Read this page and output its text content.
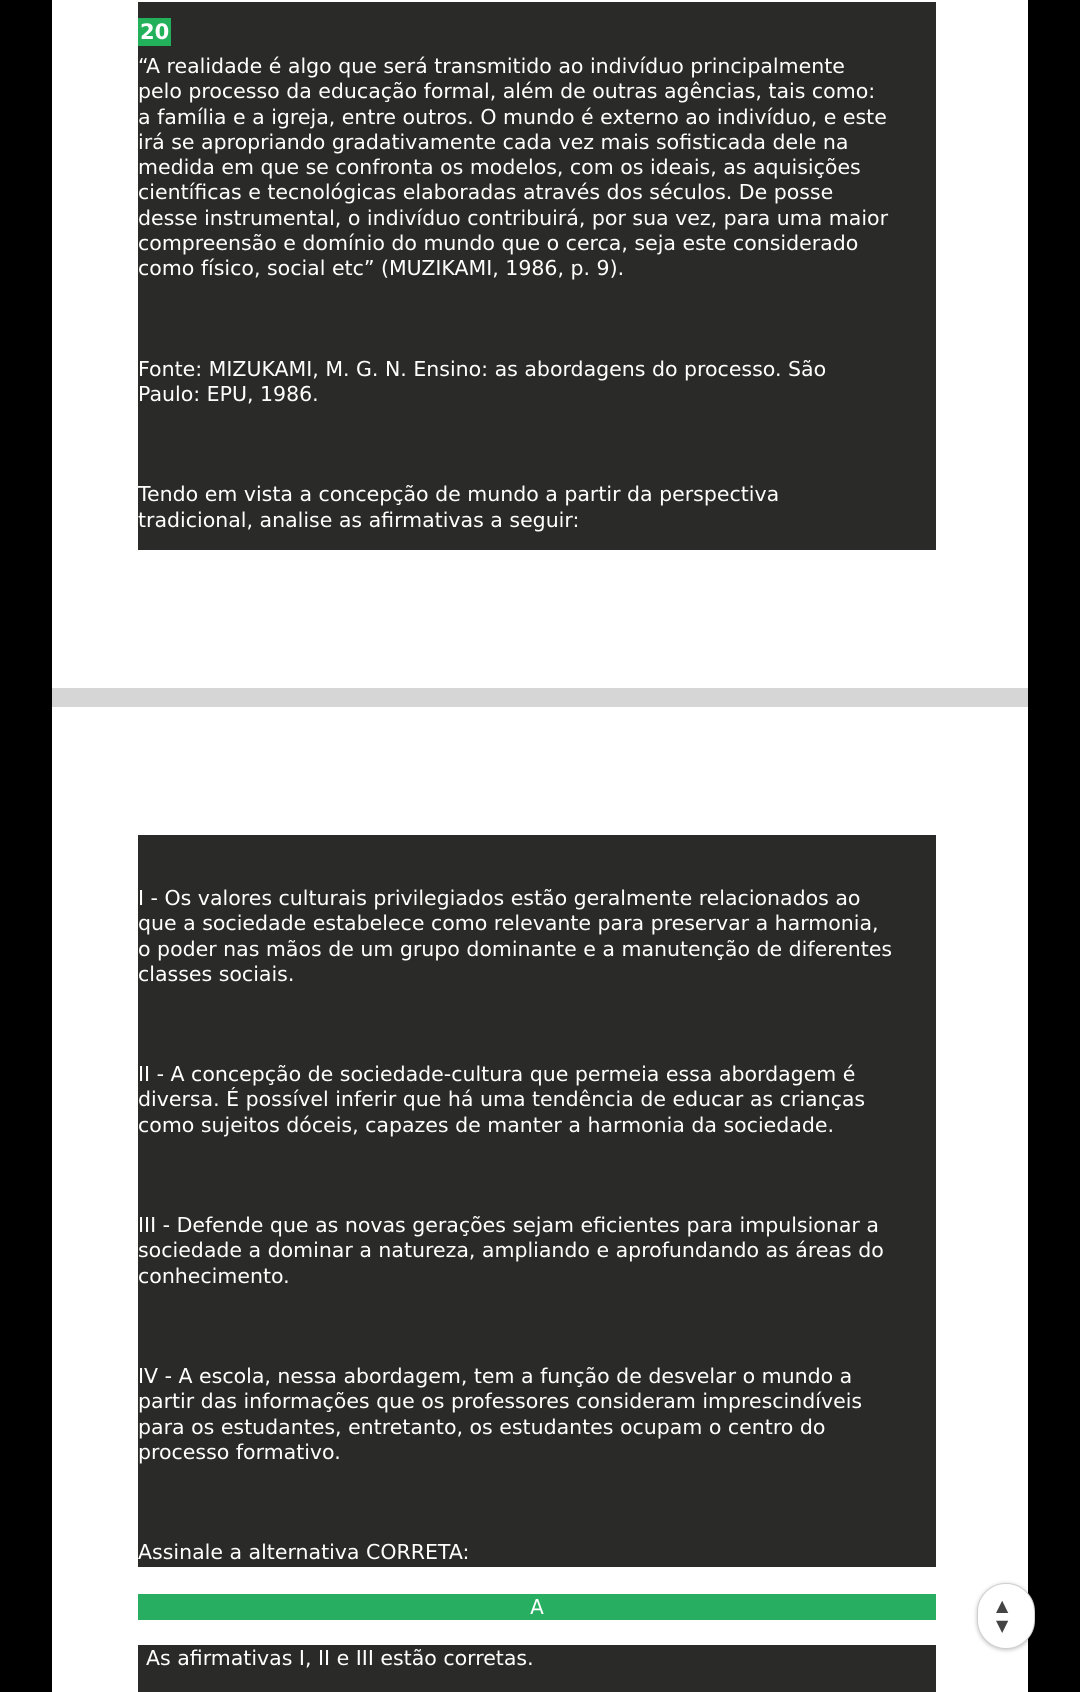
20

“A realidade é algo que será transmitido ao indivíduo principalmente
pelo processo da educação formal, além de outras agências, tais como:
a família e a igreja, entre outros. O mundo é externo ao indivíduo, e este
irá se apropriando gradativamente cada vez mais sofisticada dele na
medida em que se confronta os modelos, com os ideais, as aquisições
científicas e tecnológicas elaboradas através dos séculos. De posse
desse instrumental, o indivíduo contribuirá, por sua vez, para uma maior
compreensão e domínio do mundo que o cerca, seja este considerado
como físico, social etc” (MUZIKAMI, 1986, p. 9).

Fonte: MIZUKAMI, M. G. N. Ensino: as abordagens do processo. São
Paulo: EPU, 1986.

Tendo em vista a concepção de mundo a partir da perspectiva
tradicional, analise as afirmativas a seguir:

I - Os valores culturais privilegiados estão geralmente relacionados ao
que a sociedade estabelece como relevante para preservar a harmonia,
o poder nas mãos de um grupo dominante e a manutenção de diferentes
classes sociais.

II - A concepção de sociedade-cultura que permeia essa abordagem é
diversa. É possível inferir que há uma tendência de educar as crianças
como sujeitos dóceis, capazes de manter a harmonia da sociedade.

III - Defende que as novas gerações sejam eficientes para impulsionar a
sociedade a dominar a natureza, ampliando e aprofundando as áreas do
conhecimento.

IV - A escola, nessa abordagem, tem a função de desvelar o mundo a
partir das informações que os professores consideram imprescindíveis
para os estudantes, entretanto, os estudantes ocupam o centro do
processo formativo.

Assinale a alternativa CORRETA:

A
As afirmativas I, II e III estão corretas.
▲
▼
